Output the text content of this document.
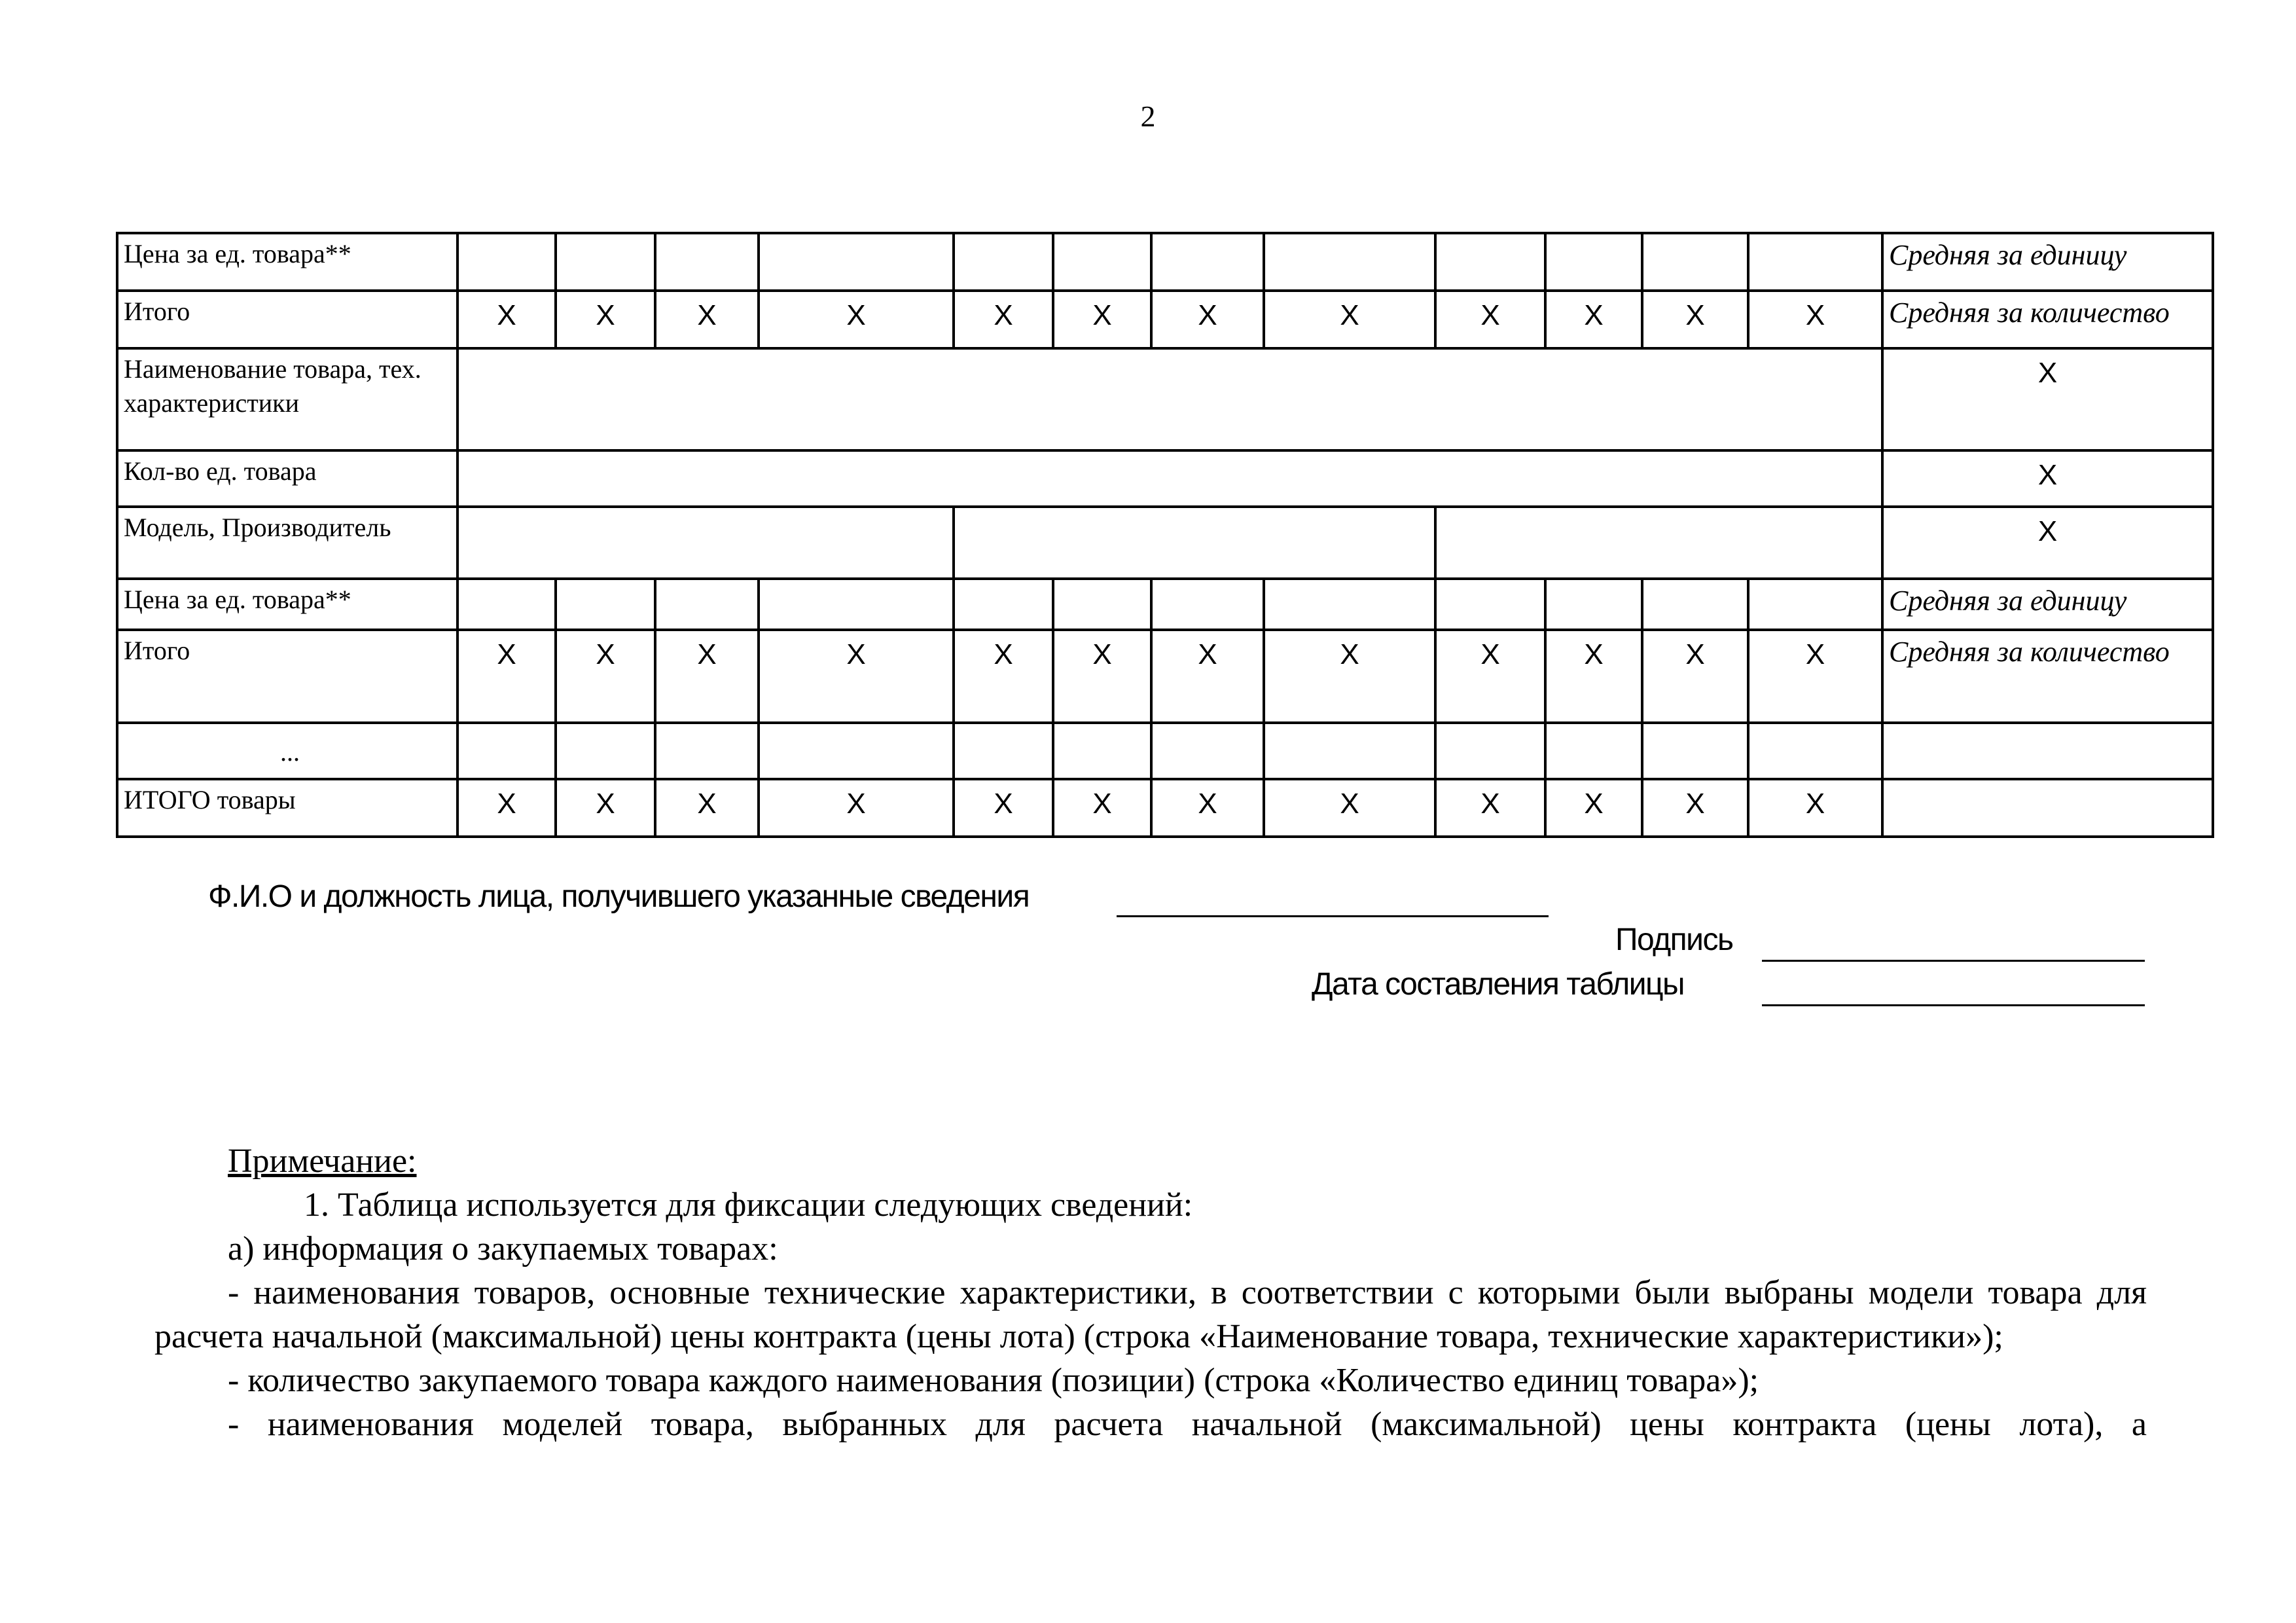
2
Цена за ед. товара**													Средняя за единицу
Итого	X	X	X	X	X	X	X	X	X	X	X	X	Средняя за количество
Наименование товара, тех. характеристики													X
Кол-во ед. товара													X
Модель, Производитель													X
Цена за ед. товара**													Средняя за единицу
Итого	X	X	X	X	X	X	X	X	X	X	X	X	Средняя за количество
...													
ИТОГО товары	X	X	X	X	X	X	X	X	X	X	X	X	
Ф.И.О и должность лица, получившего указанные сведения
Подпись
Дата составления таблицы

Примечание:

1. Таблица используется для фиксации следующих сведений:

а) информация о закупаемых товарах:

- наименования товаров, основные технические характеристики, в соответствии с которыми были выбраны модели товара для расчета начальной (максимальной) цены контракта (цены лота) (строка «Наименование товара, технические характеристики»);

- количество закупаемого товара каждого наименования (позиции) (строка «Количество единиц товара»);

- наименования моделей товара, выбранных для расчета начальной (максимальной) цены контракта (цены лота), а
